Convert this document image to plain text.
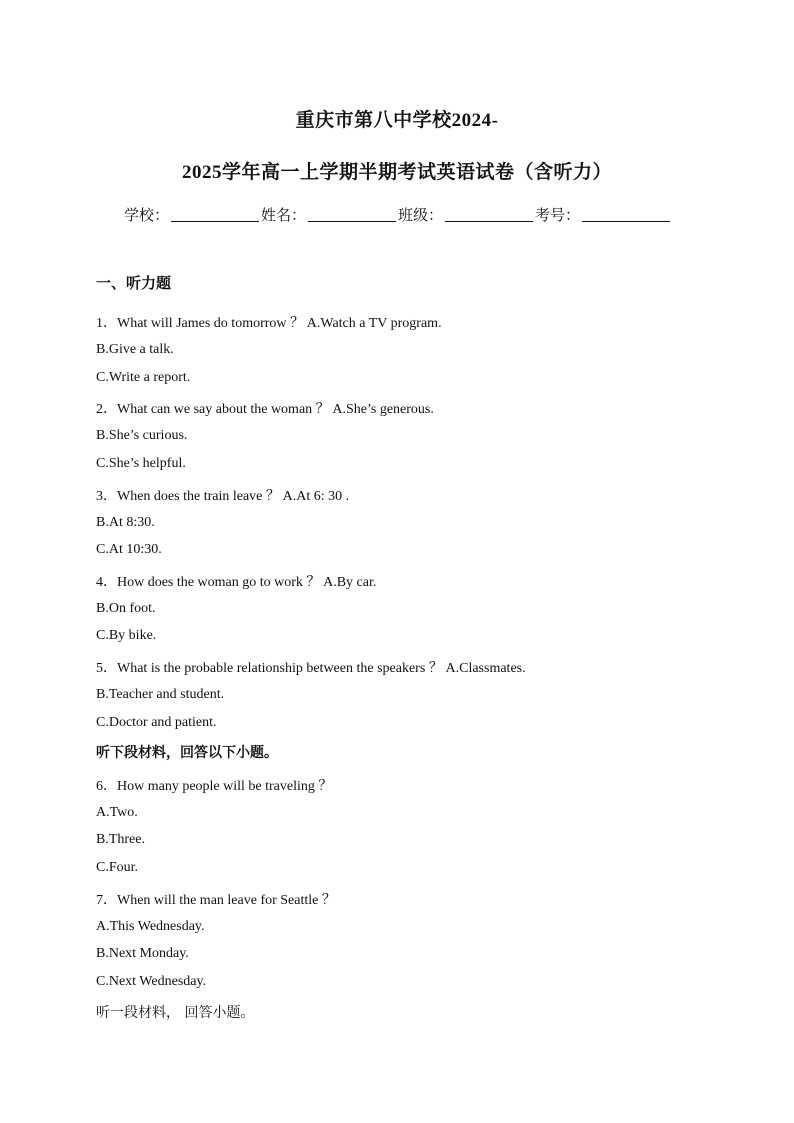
重庆市第八中学校2024-
2025学年高一上学期半期考试英语试卷（含听力）
学校：	姓名：	班级：	考号：
一、听力题
1．What will James do tomorrow ？ A.Watch a TV program.
B.Give a talk.
C.Write a report.
2．What can we say about the woman ？ A.She’s generous.
B.She’s curious.
C.She’s helpful.
3．When does the train leave ？ A.At 6: 30 .
B.At 8:30.
C.At 10:30.
4．How does the woman go to work ？ A.By car.
B.On foot.
C.By bike.
5．What is the probable relationship between the speakers ？ A.Classmates.
B.Teacher and student.
C.Doctor and patient.
听下段材料，回答以下小题。
6．How many people will be traveling ？
A.Two.
B.Three.
C.Four.
7．When will the man leave for Seattle ？
A.This Wednesday.
B.Next Monday.
C.Next Wednesday.
听一段材料， 回答小题。
